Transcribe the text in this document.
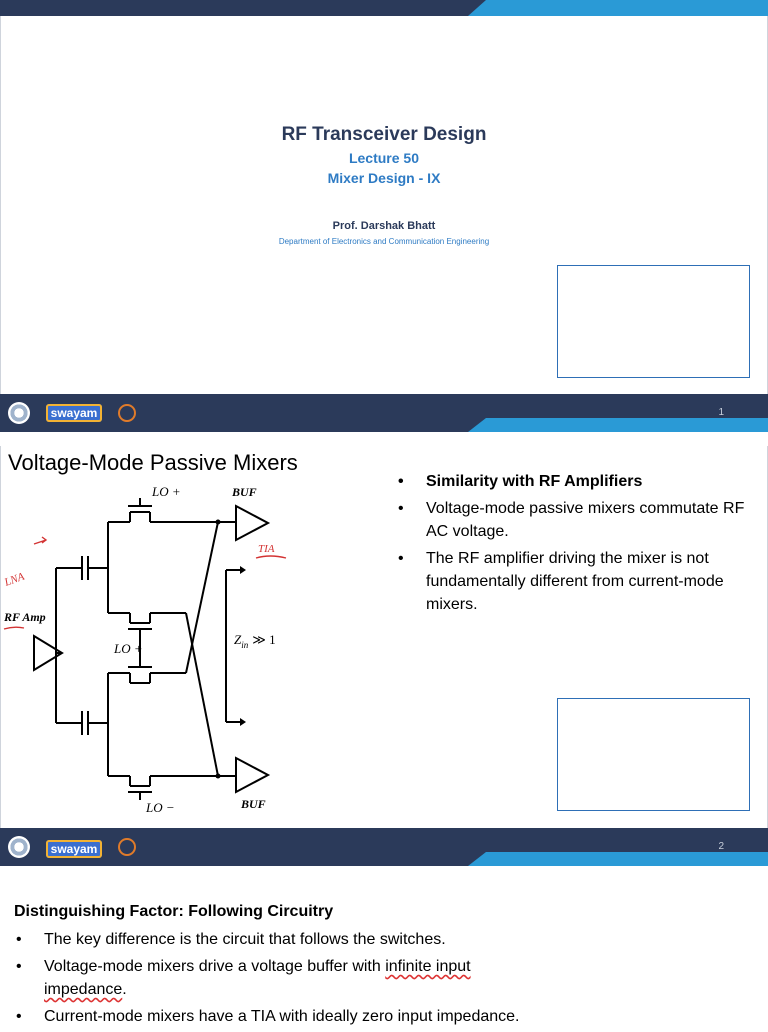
RF Transceiver Design
Lecture 50
Mixer Design - IX
Prof. Darshak Bhatt
Department of Electronics and Communication Engineering
swayam	1
Voltage-Mode Passive Mixers
• Similarity with RF Amplifiers
• Voltage-mode passive mixers commutate RF AC voltage.
• The RF amplifier driving the mixer is not fundamentally different from current-mode mixers.
LO +	BUF
LO +
RF Amp
$Z_{in}$ ≫ 1
LO −	BUF
LNA
TIA
swayam	2
Distinguishing Factor: Following Circuitry
• The key difference is the circuit that follows the switches.
• Voltage-mode mixers drive a voltage buffer with infinite input
impedance.
• Current-mode mixers have a TIA with ideally zero input impedance.
